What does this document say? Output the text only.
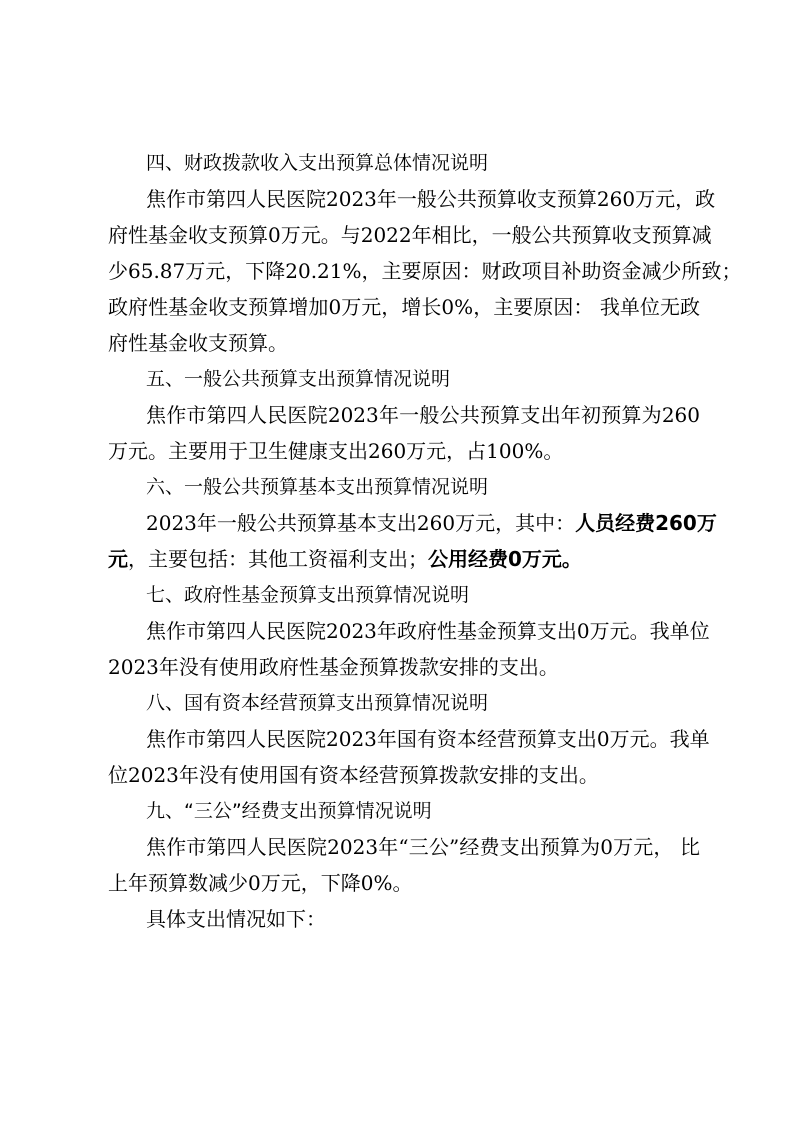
四、财政拨款收入支出预算总体情况说明
焦作市第四人民医院2023年一般公共预算收支预算260万元，政
府性基金收支预算0万元。与2022年相比，一般公共预算收支预算减
少65.87万元，下降20.21%，主要原因：财政项目补助资金减少所致；
政府性基金收支预算增加0万元，增长0%，主要原因： 我单位无政
府性基金收支预算。
五、一般公共预算支出预算情况说明
焦作市第四人民医院2023年一般公共预算支出年初预算为260
万元。主要用于卫生健康支出260万元，占100%。
六、一般公共预算基本支出预算情况说明
2023年一般公共预算基本支出260万元，其中：人员经费260万
元，主要包括：其他工资福利支出；公用经费0万元。
七、政府性基金预算支出预算情况说明
焦作市第四人民医院2023年政府性基金预算支出0万元。我单位
2023年没有使用政府性基金预算拨款安排的支出。
八、国有资本经营预算支出预算情况说明
焦作市第四人民医院2023年国有资本经营预算支出0万元。我单
位2023年没有使用国有资本经营预算拨款安排的支出。
九、“三公”经费支出预算情况说明
焦作市第四人民医院2023年“三公”经费支出预算为0万元， 比
上年预算数减少0万元，下降0%。
具体支出情况如下：
